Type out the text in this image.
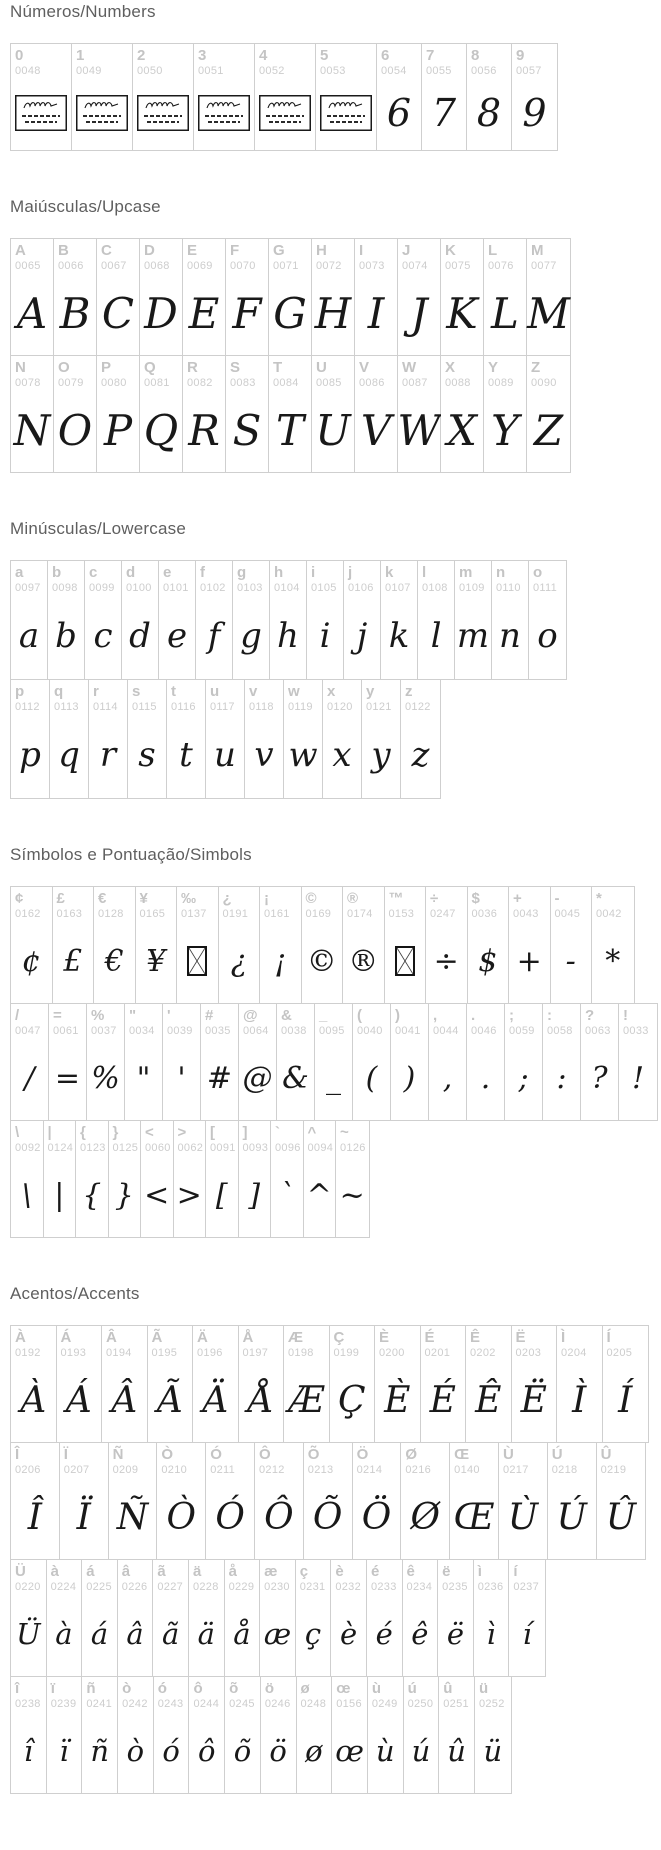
Números/Numbers
0
0048
1
0049
2
0050
3
0051
4
0052
5
0053
6
0054
6
7
0055
7
8
0056
8
9
0057
9
Maiúsculas/Upcase
A
0065
A
B
0066
B
C
0067
C
D
0068
D
E
0069
E
F
0070
F
G
0071
G
H
0072
H
I
0073
I
J
0074
J
K
0075
K
L
0076
L
M
0077
M
N
0078
N
O
0079
O
P
0080
P
Q
0081
Q
R
0082
R
S
0083
S
T
0084
T
U
0085
U
V
0086
V
W
0087
W
X
0088
X
Y
0089
Y
Z
0090
Z
Minúsculas/Lowercase
a
0097
a
b
0098
b
c
0099
c
d
0100
d
e
0101
e
f
0102
f
g
0103
g
h
0104
h
i
0105
i
j
0106
j
k
0107
k
l
0108
l
m
0109
m
n
0110
n
o
0111
o
p
0112
p
q
0113
q
r
0114
r
s
0115
s
t
0116
t
u
0117
u
v
0118
v
w
0119
w
x
0120
x
y
0121
y
z
0122
z
Símbolos e Pontuação/Simbols
¢
0162
¢
£
0163
£
€
0128
€
¥
0165
¥
‰
0137
¿
0191
¿
¡
0161
¡
©
0169
©
®
0174
®
™
0153
÷
0247
÷
$
0036
$
+
0043
+
-
0045
-
*
0042
*
/
0047
/
=
0061
=
%
0037
%
"
0034
"
'
0039
'
#
0035
#
@
0064
@
&
0038
&
_
0095
_
(
0040
(
)
0041
)
,
0044
,
.
0046
.
;
0059
;
:
0058
:
?
0063
?
!
0033
!
\
0092
\
|
0124
|
{
0123
{
}
0125
}
<
0060
<
>
0062
>
[
0091
[
]
0093
]
`
0096
`
^
0094
^
~
0126
~
Acentos/Accents
À
0192
À
Á
0193
Á
Â
0194
Â
Ã
0195
Ã
Ä
0196
Ä
Å
0197
Å
Æ
0198
Æ
Ç
0199
Ç
È
0200
È
É
0201
É
Ê
0202
Ê
Ë
0203
Ë
Ì
0204
Ì
Í
0205
Í
Î
0206
Î
Ï
0207
Ï
Ñ
0209
Ñ
Ò
0210
Ò
Ó
0211
Ó
Ô
0212
Ô
Õ
0213
Õ
Ö
0214
Ö
Ø
0216
Ø
Œ
0140
Œ
Ù
0217
Ù
Ú
0218
Ú
Û
0219
Û
Ü
0220
Ü
à
0224
à
á
0225
á
â
0226
â
ã
0227
ã
ä
0228
ä
å
0229
å
æ
0230
æ
ç
0231
ç
è
0232
è
é
0233
é
ê
0234
ê
ë
0235
ë
ì
0236
ì
í
0237
í
î
0238
î
ï
0239
ï
ñ
0241
ñ
ò
0242
ò
ó
0243
ó
ô
0244
ô
õ
0245
õ
ö
0246
ö
ø
0248
ø
œ
0156
œ
ù
0249
ù
ú
0250
ú
û
0251
û
ü
0252
ü
